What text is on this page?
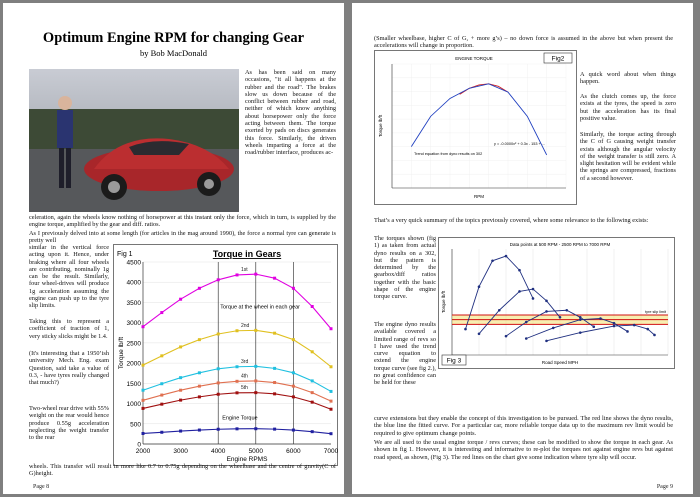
Optimum Engine RPM for changing Gear
by Bob MacDonald

As has been said on many occasions, "it all happens at the rubber and the road". The brakes slow us down because of the conflict between rubber and road, neither of which know anything about horsepower only the force acting between them. The torque exerted by pads on discs generates this force. Similarly, the driven wheels imparting a force at the road/rubber interface, produces ac-

celeration, again the wheels know nothing of horsepower at this instant only the force, which in turn, is supplied by the engine torque, amplified by the gear and diff. ratios.

As I previously delved into at some length (for articles in the mag around 1990), the force a normal tyre can generate is pretty well

similar in the vertical force acting upon it. Hence, under braking where all four wheels are contributing, nominally 1g can be the result. Similarly, four wheel-drives will produce 1g acceleration assuming the engine can push up to the tyre slip limits.

Taking this to represent a coefficient of traction of 1, very sticky slicks might be 1.4.

(It's interesting that a 1950’ish university Mech. Eng. exam Question, said take a value of 0.3, - have tyres really changed that much?)

Two-wheel rear drive with 55% weight on the rear would hence produce 0.55g acceleration neglecting the weight transfer to the rear

Fig 1	Torque in Gears
0
500
1000
1500
2000
2500
3000
3500
4000
4500
2000	3000	4000	5000	6000	7000
Engine RPMS
Torque lb/ft
1st
2nd
3rd
4th
5th
Torque at the wheel in each gear
Engine Torque

wheels. This transfer will result in more like 0.7 to 0.75g depending on the wheelbase and the centre of gravity(C of G)height.

Page 8

(Smaller wheelbase, higher C of G, + more g’s) – no down force is assumed in the above but when present the accelerations will change in proportion.

Fig2
ENGINE TORQUE
RPM
Torque lb/ft
y = -0.0000x² + 0.3x - 153 + ...
Trend equation from dyno results on 302

A quick word about when things happen.

As the clutch comes up, the force exists at the tyres, the speed is zero but the acceleration has its final positive value.

Similarly, the torque acting through the C of G causing weight transfer exists although the angular velocity of the weight transfer is still zero. A slight hesitation will be evident while the springs are compressed, fractions of a second however.

That’s a very quick summary of the topics previously covered, where some relevance to the following exists:

The torques shown (fig 1) as taken from actual dyno results on a 302, but the pattern is determined by the gearbox/diff ratios together with the basic shape of the engine torque curve.

The engine dyno results available covered a limited range of revs so I have used the trend curve equation to extend the engine torque curve (see fig 2.), no great confidence can be held for these

Data points at 500 RPM - 2500 RPM to 7000 RPM
Road Speed MPH
Torque lb/ft
Fig 3
tyre slip limit

curve extensions but they enable the concept of this investigation to be pursued. The red line shows the dyno results, the blue line the fitted curve. For a particular car, more reliable torque data up to the maximum rev limit would be required to give optimum change points.

We are all used to the usual engine torque / revs curves; these can be modified to show the torque in each gear. As shown in fig 1. However, it is interesting and informative to re-plot the torques not against engine revs but against road speed, as shown, (Fig 3). The red lines on the chart give some indication where tyre slip will occur.

Page 9
